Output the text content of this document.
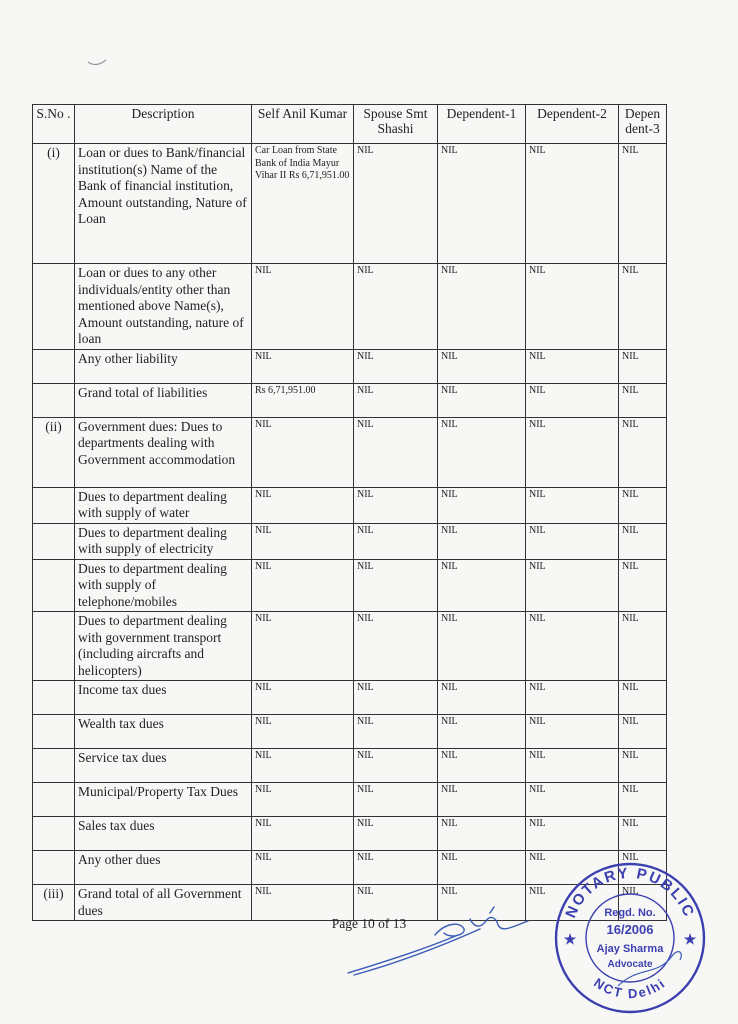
S.No .	Description	Self Anil Kumar	Spouse Smt Shashi	Dependent-1	Dependent-2	Depen dent-3
(i)	Loan or dues to Bank/financial institution(s) Name of the Bank of financial institution, Amount outstanding, Nature of Loan	Car Loan from State Bank of India Mayur Vihar II Rs 6,71,951.00	NIL	NIL	NIL	NIL
	Loan or dues to any other individuals/entity other than mentioned above Name(s), Amount outstanding, nature of loan	NIL	NIL	NIL	NIL	NIL
	Any other liability	NIL	NIL	NIL	NIL	NIL
	Grand total of liabilities	Rs 6,71,951.00	NIL	NIL	NIL	NIL
(ii)	Government dues: Dues to departments dealing with Government accommodation	NIL	NIL	NIL	NIL	NIL
	Dues to department dealing with supply of water	NIL	NIL	NIL	NIL	NIL
	Dues to department dealing with supply of electricity	NIL	NIL	NIL	NIL	NIL
	Dues to department dealing with supply of telephone/mobiles	NIL	NIL	NIL	NIL	NIL
	Dues to department dealing with government transport (including aircrafts and helicopters)	NIL	NIL	NIL	NIL	NIL
	Income tax dues	NIL	NIL	NIL	NIL	NIL
	Wealth tax dues	NIL	NIL	NIL	NIL	NIL
	Service tax dues	NIL	NIL	NIL	NIL	NIL
	Municipal/Property Tax Dues	NIL	NIL	NIL	NIL	NIL
	Sales tax dues	NIL	NIL	NIL	NIL	NIL
	Any other dues	NIL	NIL	NIL	NIL	NIL
(iii)	Grand total of all Government dues	NIL	NIL	NIL	NIL	NIL
Page 10 of 13
NOTARY PUBLIC
NCT Delhi
Regd. No.
16/2006
Ajay Sharma
Advocate
★	★
